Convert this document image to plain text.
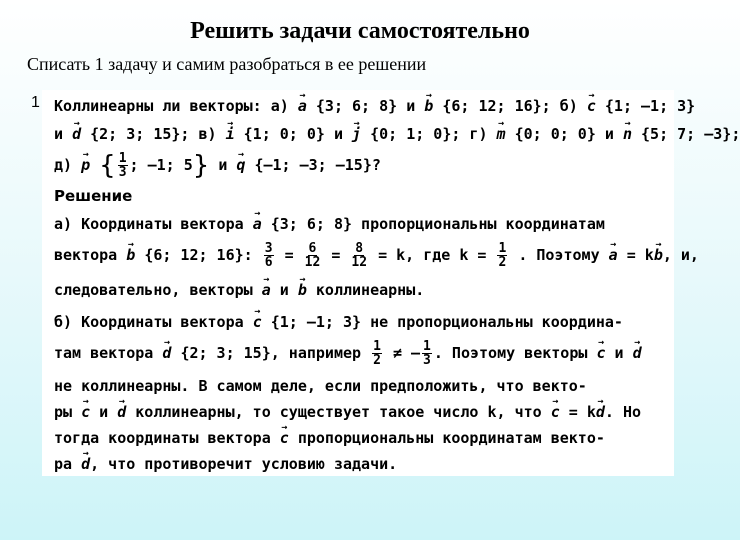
Решить задачи самостоятельно
Списать 1 задачу и самим разобраться в ее решении
1 Коллинеарны ли векторы: а) → a {3; 6; 8} и → b {6; 12; 16}; б) → c {1; –1; 3}
и → d {2; 3; 15}; в) → i {1; 0; 0} и → j {0; 1; 0}; г) → m {0; 0; 0} и → n {5; 7; –3};
д) → p { $\frac{1}{3}$ ; –1; 5} и → q {–1; –3; –15}?
Решение
а) Координаты вектора → a {3; 6; 8} пропорциональны координатам
вектора → b {6; 12; 16}: $\frac{3}{6} = \frac{6}{12} = \frac{8}{12} = k$, где $k = \frac{1}{2}$ . Поэтому → a = k→ b, и,
следовательно, векторы → a и → b коллинеарны.
б) Координаты вектора → c {1; –1; 3} не пропорциональны координа-
там вектора → d {2; 3; 15}, например $\frac{1}{2}$ ≠ – $\frac{1}{3}$ . Поэтому векторы → c и → d
не коллинеарны. В самом деле, если предположить, что векто-
ры → c и → d коллинеарны, то существует такое число k, что → c = k→ d. Но
тогда координаты вектора → c пропорциональны координатам векто-
ра → d, что противоречит условию задачи.
